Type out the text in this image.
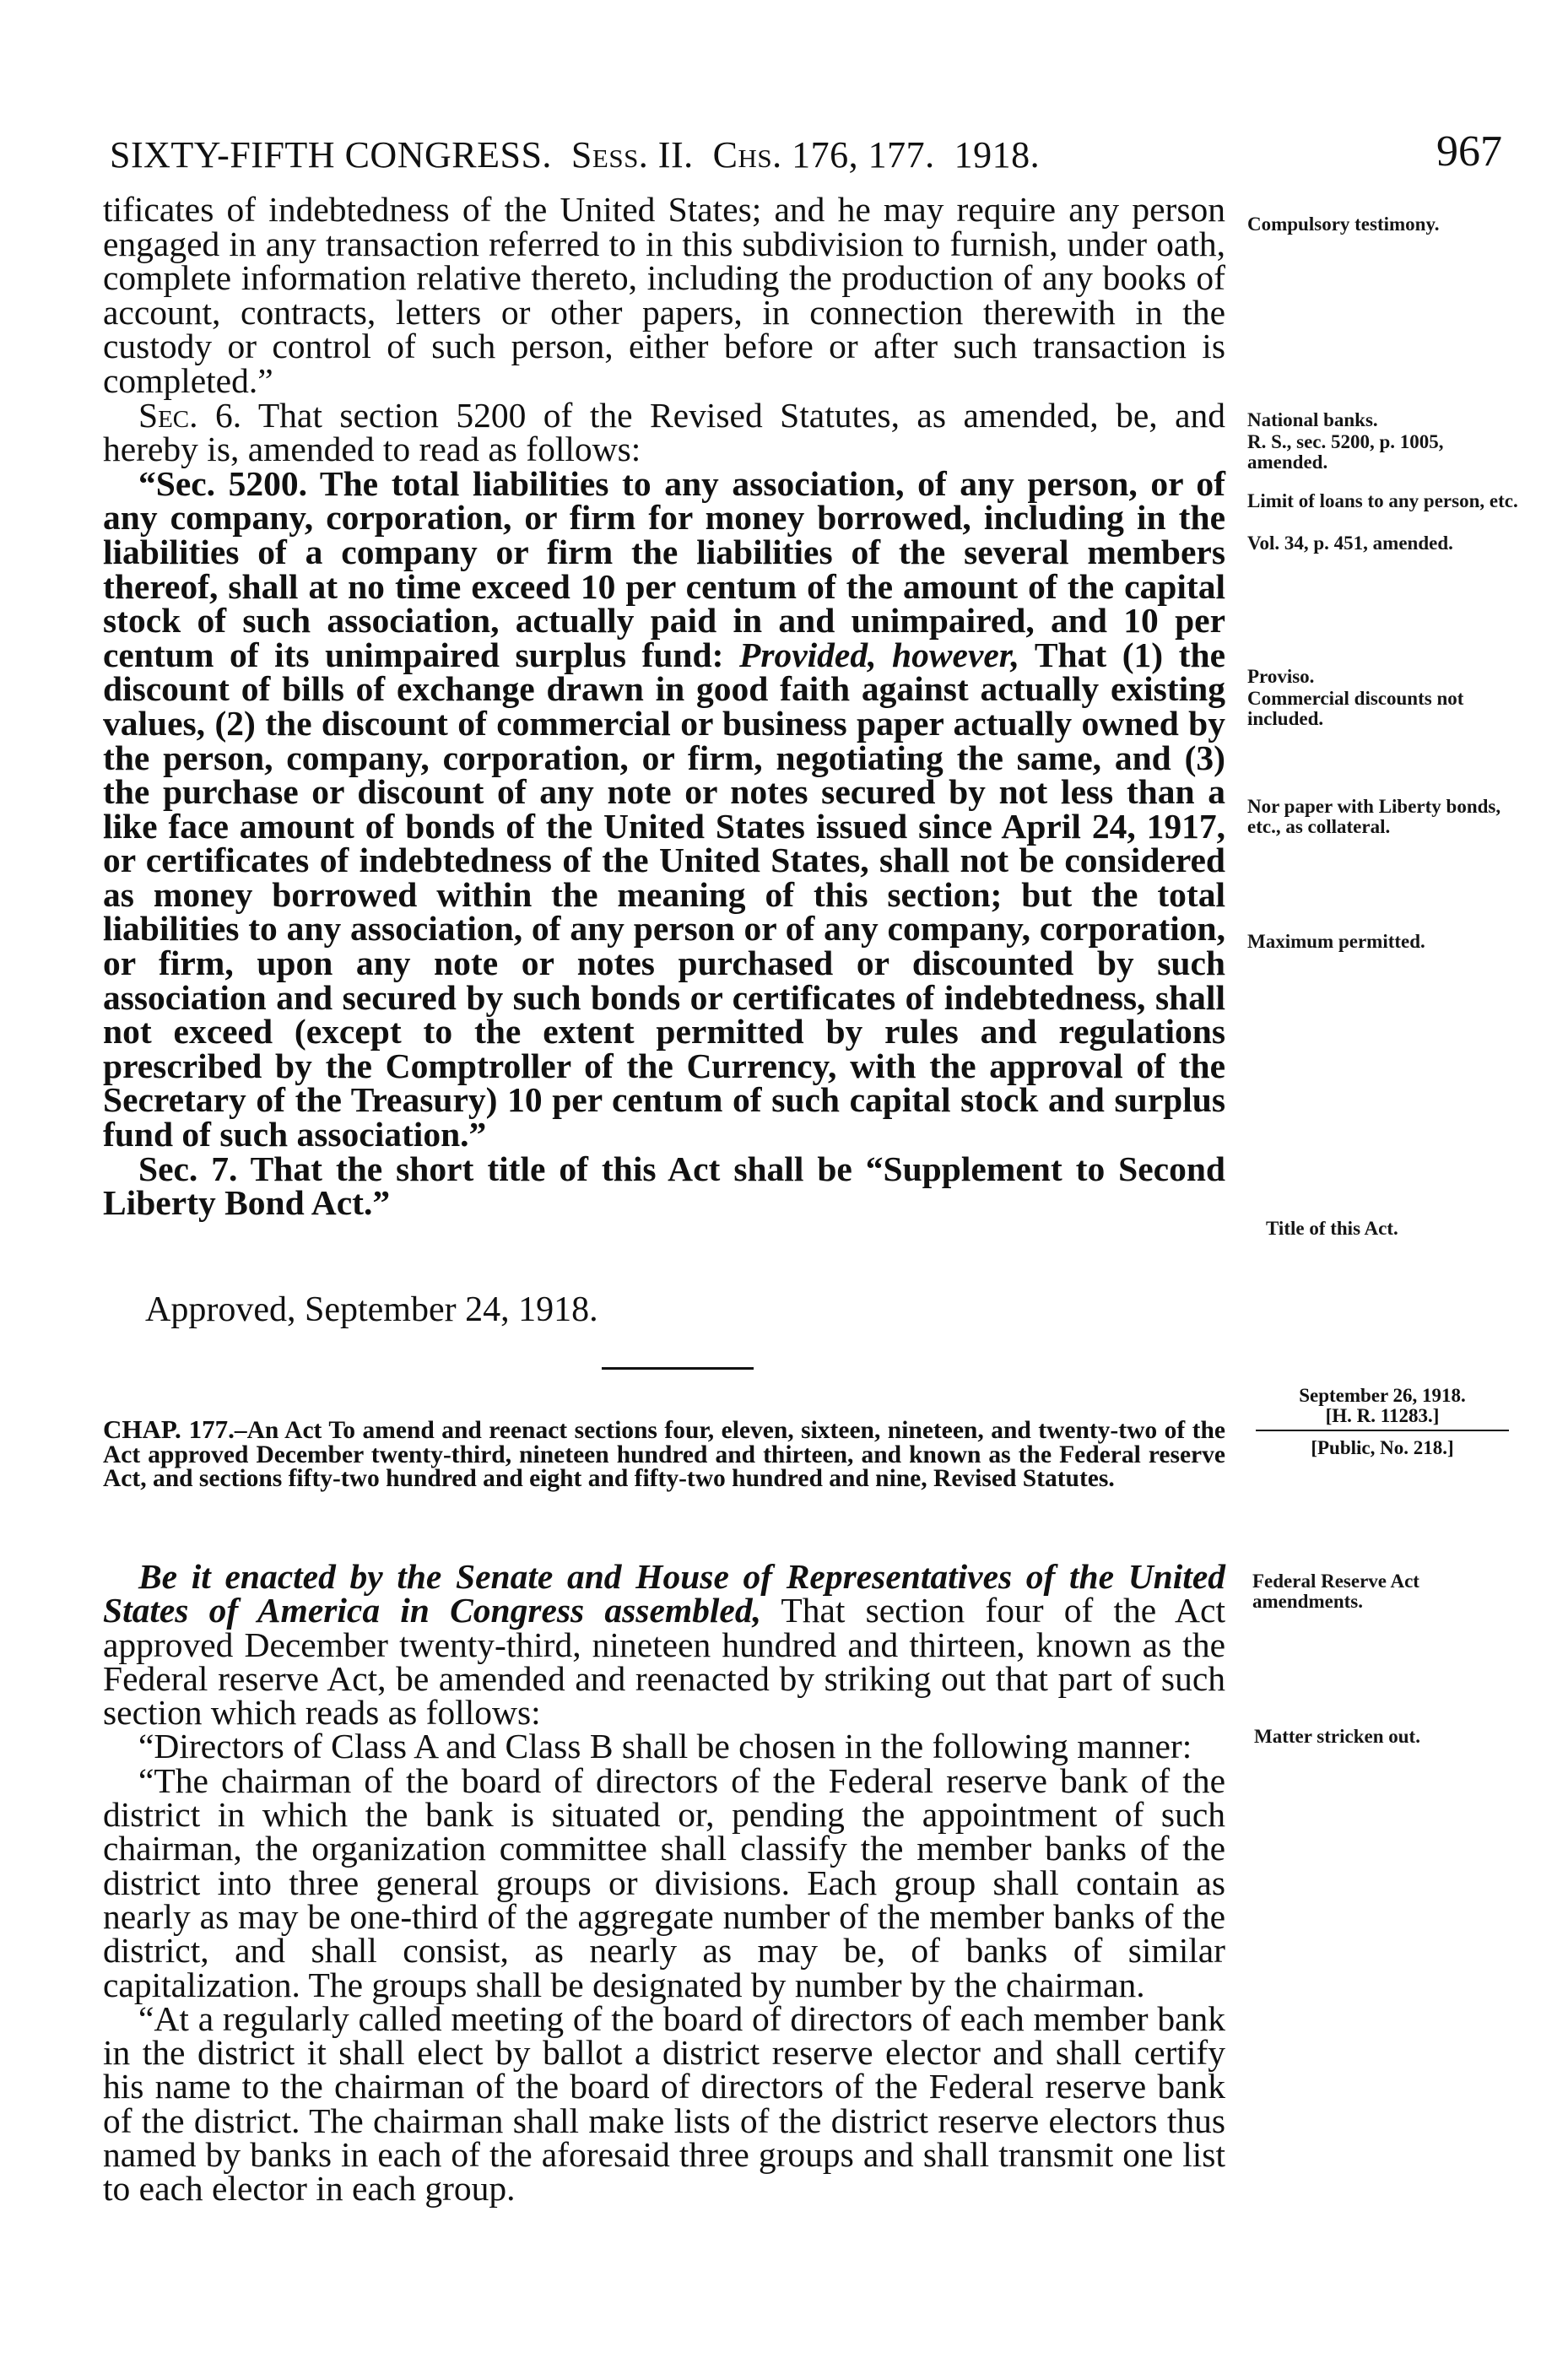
SIXTY-FIFTH CONGRESS. Sess. II. Chs. 176, 177. 1918.	967

tificates of indebtedness of the United States; and he may require any person engaged in any transaction referred to in this subdivision to furnish, under oath, complete information relative thereto, including the production of any books of account, contracts, letters or other papers, in connection therewith in the custody or control of such person, either before or after such transaction is completed.”

Sec. 6. That section 5200 of the Revised Statutes, as amended, be, and hereby is, amended to read as follows:

“Sec. 5200. The total liabilities to any association, of any person, or of any company, corporation, or firm for money borrowed, including in the liabilities of a company or firm the liabilities of the several members thereof, shall at no time exceed 10 per centum of the amount of the capital stock of such association, actually paid in and unimpaired, and 10 per centum of its unimpaired surplus fund: Provided, however, That (1) the discount of bills of exchange drawn in good faith against actually existing values, (2) the discount of commercial or business paper actually owned by the person, company, corporation, or firm, negotiating the same, and (3) the purchase or discount of any note or notes secured by not less than a like face amount of bonds of the United States issued since April 24, 1917, or certificates of indebtedness of the United States, shall not be considered as money borrowed within the meaning of this section; but the total liabilities to any association, of any person or of any company, corporation, or firm, upon any note or notes purchased or discounted by such association and secured by such bonds or certificates of indebtedness, shall not exceed (except to the extent permitted by rules and regulations prescribed by the Comptroller of the Currency, with the approval of the Secretary of the Treasury) 10 per centum of such capital stock and surplus fund of such association.”

Sec. 7. That the short title of this Act shall be “Supplement to Second Liberty Bond Act.”

Approved, September 24, 1918.
CHAP. 177.–An Act To amend and reenact sections four, eleven, sixteen, nineteen, and twenty-two of the Act approved December twenty-third, nineteen hundred and thirteen, and known as the Federal reserve Act, and sections fifty-two hundred and eight and fifty-two hundred and nine, Revised Statutes.

Be it enacted by the Senate and House of Representatives of the United States of America in Congress assembled, That section four of the Act approved December twenty-third, nineteen hundred and thirteen, known as the Federal reserve Act, be amended and reenacted by striking out that part of such section which reads as follows:

“Directors of Class A and Class B shall be chosen in the following manner:

“The chairman of the board of directors of the Federal reserve bank of the district in which the bank is situated or, pending the appointment of such chairman, the organization committee shall classify the member banks of the district into three general groups or divisions. Each group shall contain as nearly as may be one-third of the aggregate number of the member banks of the district, and shall consist, as nearly as may be, of banks of similar capitalization. The groups shall be designated by number by the chairman.

“At a regularly called meeting of the board of directors of each member bank in the district it shall elect by ballot a district reserve elector and shall certify his name to the chairman of the board of directors of the Federal reserve bank of the district. The chairman shall make lists of the district reserve electors thus named by banks in each of the aforesaid three groups and shall transmit one list to each elector in each group.

Compulsory testimony.
National banks.
R. S., sec. 5200, p. 1005, amended.
Limit of loans to any person, etc.
Vol. 34, p. 451, amended.
Proviso.
Commercial discounts not included.
Nor paper with Liberty bonds, etc., as collateral.
Maximum permitted.
Title of this Act.
September 26, 1918.
[H. R. 11283.]
[Public, No. 218.]
Federal Reserve Act amendments.
Matter stricken out.
